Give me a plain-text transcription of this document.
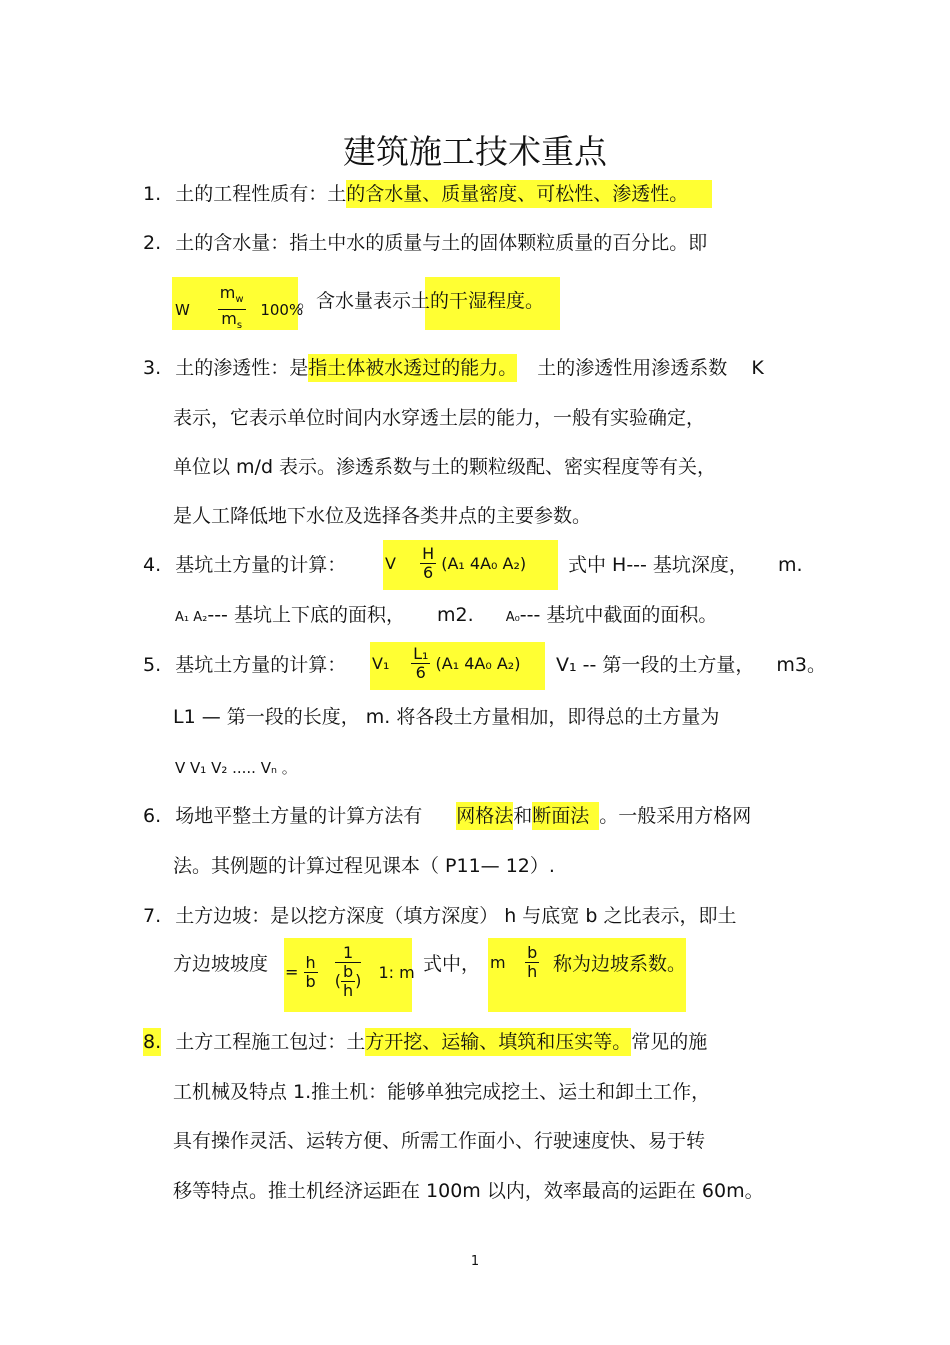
建筑施工技术重点
1. 土的工程性质有：土的含水量、质量密度、可松性、渗透性。
2. 土的含水量：指土中水的质量与土的固体颗粒质量的百分比。即
W $\frac{m_w}{m_s} 100\%$
。含水量表示土的干湿程度。
3. 土的渗透性：是指土体被水透过的能力。 土的渗透性用渗透系数 K
表示，它表示单位时间内水穿透土层的能力，一般有实验确定，
单位以 m/d 表示。渗透系数与土的颗粒级配、密实程度等有关，
是人工降低地下水位及选择各类井点的主要参数。
4. 基坑土方量的计算： V $\frac{H}{6} (A_1$ 4A₀ A₂) 式中 H--- 基坑深度， m.
A₁ A₂--- 基坑上下底的面积， m2. A₀--- 基坑中截面的面积。
5. 基坑土方量的计算： $V_1 \frac{\text{L₁}}{6} (A_1$ 4A₀ A₂) V₁ -- 第一段的土方量， m3。
L1 — 第一段的长度， m. 将各段土方量相加，即得总的土方量为
V V₁ V₂ ..... Vₙ 。
6. 场地平整土方量的计算方法有 网格法和断面法 。一般采用方格网
法。其例题的计算过程见课本（ P11— 12）.
7. 土方边坡：是以挖方深度（填方深度） h 与底宽 b 之比表示，即土
方边坡坡度 = $\frac{h}{b}$
$\frac{1}{( \frac{b}{h} )} 1$: m 式中， m $\frac{b}{h}$ 称为边坡系数。
8. 土方工程施工包过：土方开挖、运输、填筑和压实等。常见的施
工机械及特点 1.推土机：能够单独完成挖土、运土和卸土工作，
具有操作灵活、运转方便、所需工作面小、行驶速度快、易于转
移等特点。推土机经济运距在 100m 以内，效率最高的运距在 60m。
1
